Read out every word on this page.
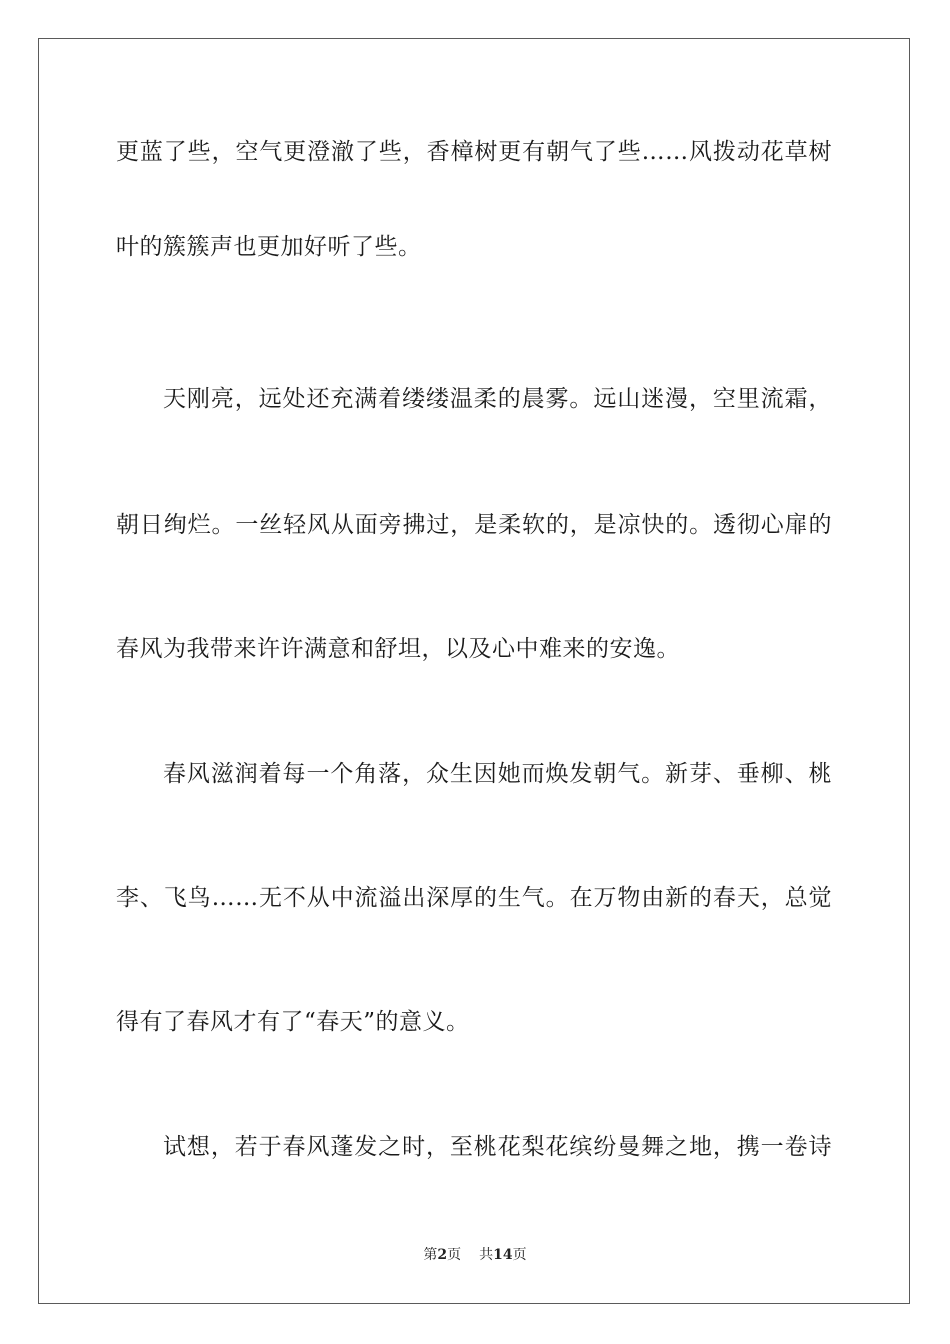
更蓝了些，空气更澄澈了些，香樟树更有朝气了些……风拨动花草树
叶的簇簇声也更加好听了些。
天刚亮，远处还充满着缕缕温柔的晨雾。远山迷漫，空里流霜，
朝日绚烂。一丝轻风从面旁拂过，是柔软的，是凉快的。透彻心扉的
春风为我带来许许满意和舒坦，以及心中难来的安逸。
春风滋润着每一个角落，众生因她而焕发朝气。新芽、垂柳、桃
李、飞鸟……无不从中流溢出深厚的生气。在万物由新的春天，总觉
得有了春风才有了“春天”的意义。
试想，若于春风蓬发之时，至桃花梨花缤纷曼舞之地，携一卷诗
第2页 共14页
